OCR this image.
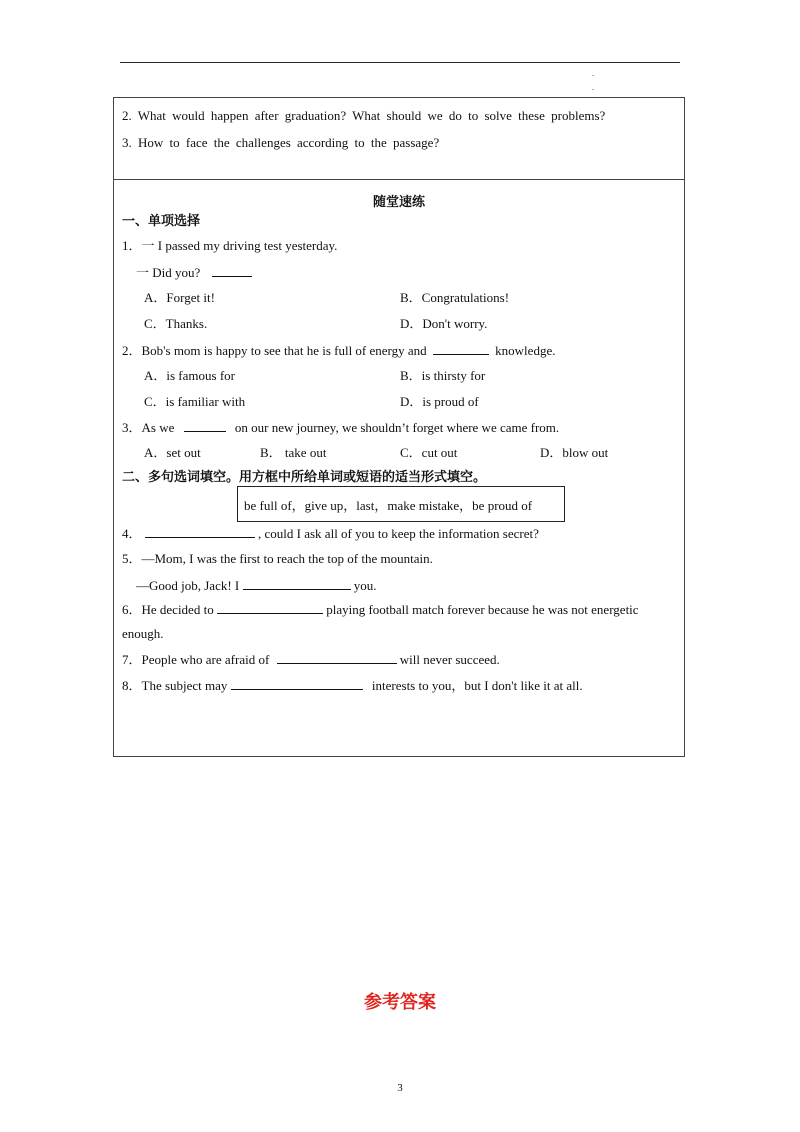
.
.
2. What would happen after graduation? What should we do to solve these problems?
3. How to face the challenges according to the passage?
随堂速练
一、单项选择
1．一 I passed my driving test yesterday.
一 Did you?
A．Forget it!	B．Congratulations!
C．Thanks.	D．Don't worry.
2．Bob's mom is happy to see that he is full of energy and	knowledge.
A．is famous for	B．is thirsty for
C．is familiar with	D．is proud of
3．As we	on our new journey, we shouldn’t forget where we came from.
A．set out	B． take out	C．cut out	D．blow out
二、多句选词填空。用方框中所给单词或短语的适当形式填空。
4．	, could I ask all of you to keep the information secret?
5．—Mom, I was the first to reach the top of the mountain.
—Good job, Jack! I	you.
6．He decided to	playing football match forever because he was not energetic
enough.
7．People who are afraid of	will never succeed.
8．The subject may	interests to you，but I don't like it at all.
be full of，give up，last，make mistake，be proud of
参考答案
3
